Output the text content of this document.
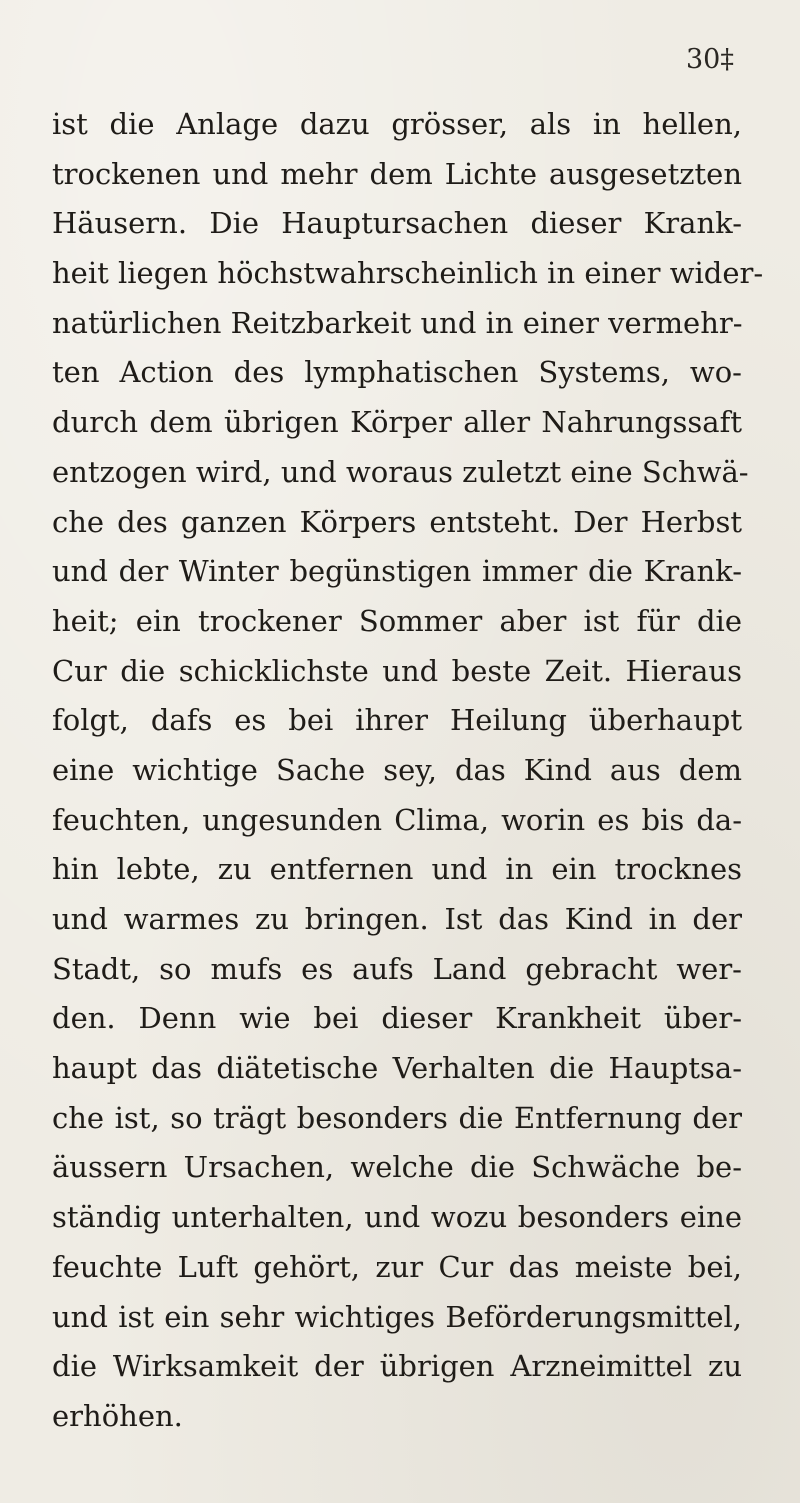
30‡
ist die Anlage dazu grösser, als in hellen,
trockenen und mehr dem Lichte ausgesetzten
Häusern. Die Hauptursachen dieser Krank-
heit liegen höchstwahrscheinlich in einer wider-
natürlichen Reitzbarkeit und in einer vermehr-
ten Action des lymphatischen Systems, wo-
durch dem übrigen Körper aller Nahrungssaft
entzogen wird, und woraus zuletzt eine Schwä-
che des ganzen Körpers entsteht. Der Herbst
und der Winter begünstigen immer die Krank-
heit; ein trockener Sommer aber ist für die
Cur die schicklichste und beste Zeit. Hieraus
folgt, dafs es bei ihrer Heilung überhaupt
eine wichtige Sache sey, das Kind aus dem
feuchten, ungesunden Clima, worin es bis da-
hin lebte, zu entfernen und in ein trocknes
und warmes zu bringen. Ist das Kind in der
Stadt, so mufs es aufs Land gebracht wer-
den. Denn wie bei dieser Krankheit über-
haupt das diätetische Verhalten die Hauptsa-
che ist, so trägt besonders die Entfernung der
äussern Ursachen, welche die Schwäche be-
ständig unterhalten, und wozu besonders eine
feuchte Luft gehört, zur Cur das meiste bei,
und ist ein sehr wichtiges Beförderungsmittel,
die Wirksamkeit der übrigen Arzneimittel zu
erhöhen.
